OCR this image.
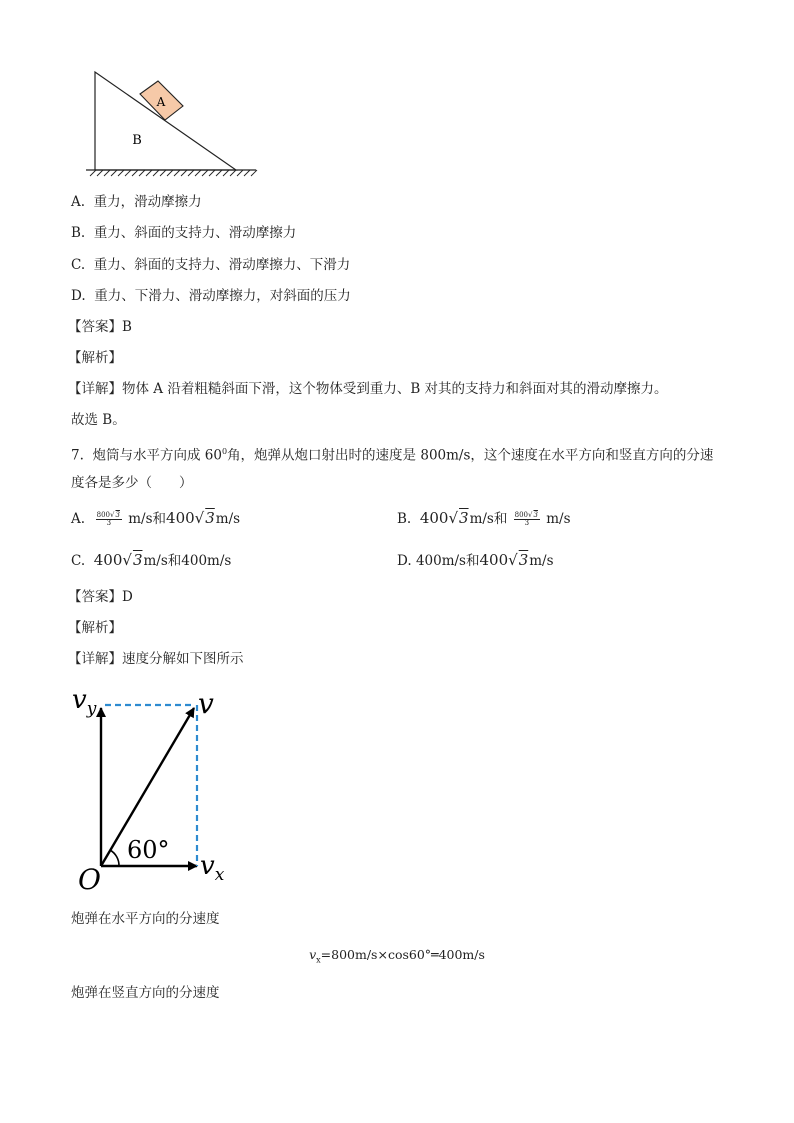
A
B
A. 重力，滑动摩擦力
B. 重力、斜面的支持力、滑动摩擦力
C. 重力、斜面的支持力、滑动摩擦力、下滑力
D. 重力、下滑力、滑动摩擦力，对斜面的压力
【答案】B
【解析】
【详解】物体 A 沿着粗糙斜面下滑，这个物体受到重力、B 对其的支持力和斜面对其的滑动摩擦力。
故选 B。
7. 炮筒与水平方向成 $60^0$角，炮弹从炮口射出时的速度是 800m/s，这个速度在水平方向和竖直方向的分速
度各是多少（　　）
A. $\frac{800√3}{3} m/s$和400√3m/s	B. 400√3m/s和 $\frac{800√3}{3} m/s$
C. 400√3m/s和400m/s	D. 400m/s和400√3m/s
【答案】D
【解析】
【详解】速度分解如下图所示
$v_y$	v
$v_x$
O
60°
炮弹在水平方向的分速度
$v_x=800m/s\times\cos 60^\circ═400m/s$
炮弹在竖直方向的分速度
